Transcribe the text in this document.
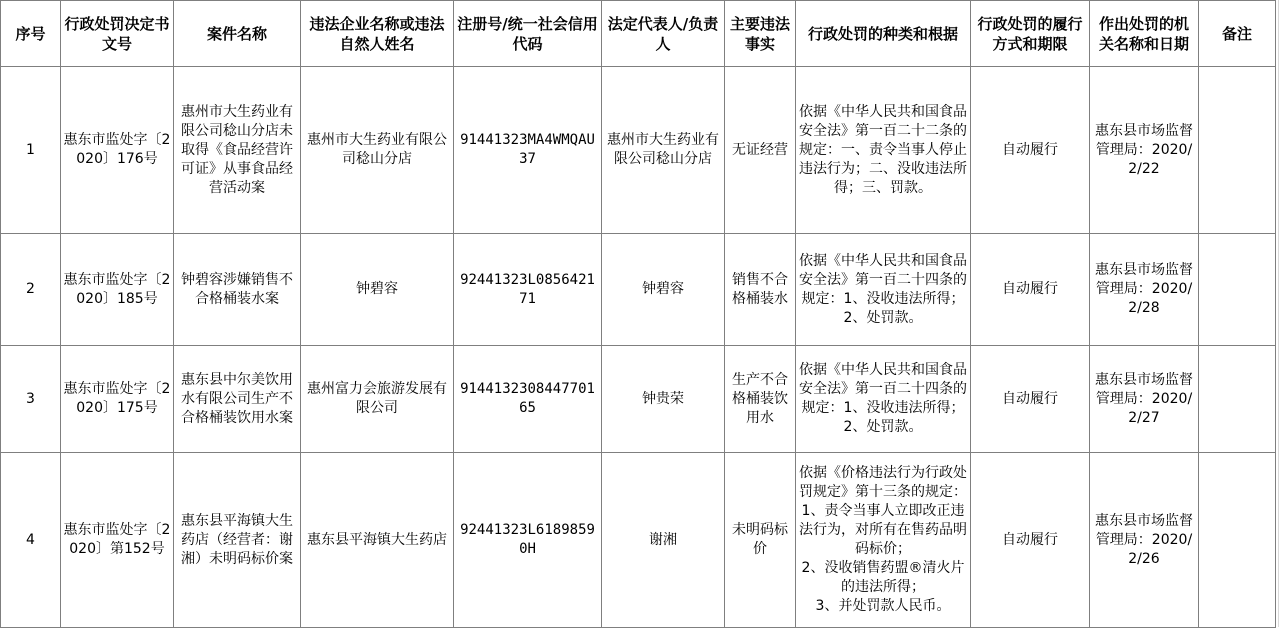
序号	行政处罚决定书文号	案件名称	违法企业名称或违法自然人姓名	注册号/统一社会信用代码	法定代表人/负责人	主要违法事实	行政处罚的种类和根据	行政处罚的履行方式和期限	作出处罚的机关名称和日期	备注
1	惠东市监处字〔2020〕176号	惠州市大生药业有限公司稔山分店未取得《食品经营许可证》从事食品经营活动案	惠州市大生药业有限公司稔山分店	91441323MA4WMQAU37	惠州市大生药业有限公司稔山分店	无证经营	依据《中华人民共和国食品安全法》第一百二十二条的规定：一、责令当事人停止违法行为；二、没收违法所得；三、罚款。	自动履行	惠东县市场监督管理局：2020/2/22	
2	惠东市监处字〔2020〕185号	钟碧容涉嫌销售不合格桶装水案	钟碧容	92441323L085642171	钟碧容	销售不合格桶装水	依据《中华人民共和国食品安全法》第一百二十四条的规定：1、没收违法所得；2、处罚款。	自动履行	惠东县市场监督管理局：2020/2/28	
3	惠东市监处字〔2020〕175号	惠东县中尔美饮用水有限公司生产不合格桶装饮用水案	惠州富力会旅游发展有限公司	914413230844770165	钟贵荣	生产不合格桶装饮用水	依据《中华人民共和国食品安全法》第一百二十四条的规定：1、没收违法所得；2、处罚款。	自动履行	惠东县市场监督管理局：2020/2/27	
4	惠东市监处字〔2020〕第152号	惠东县平海镇大生药店（经营者：谢湘）未明码标价案	惠东县平海镇大生药店	92441323L61898590H	谢湘	未明码标价	依据《价格违法行为行政处罚规定》第十三条的规定：1、责令当事人立即改正违法行为，对所有在售药品明码标价；
2、没收销售药盟®清火片的违法所得；
3、并处罚款人民币。	自动履行	惠东县市场监督管理局：2020/2/26	
